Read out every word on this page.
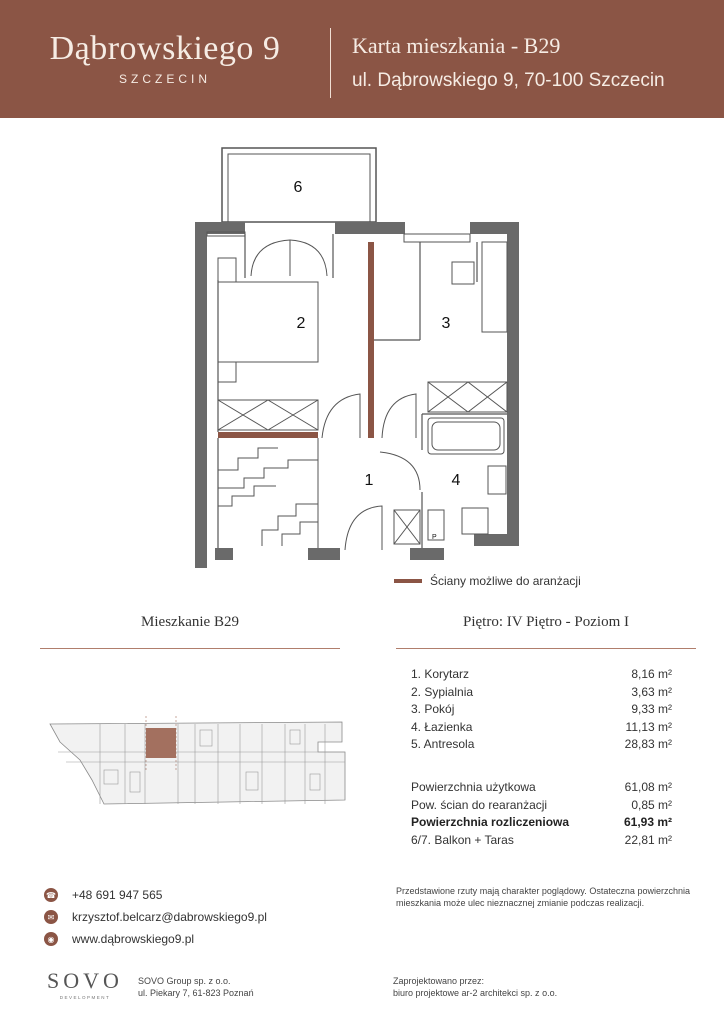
Dąbrowskiego 9
SZCZECIN
Karta mieszkania - B29
ul. Dąbrowskiego 9, 70-100 Szczecin
6
2	3
1	4
P
Ściany możliwe do aranżacji
Mieszkanie B29	Piętro: IV Piętro - Poziom I
1. Korytarz	8,16 m²
2. Sypialnia	3,63 m²
3. Pokój	9,33 m²
4. Łazienka	11,13 m²
5. Antresola	28,83 m²
Powierzchnia użytkowa	61,08 m²
Pow. ścian do rearanżacji	0,85 m²
Powierzchnia rozliczeniowa	61,93 m²
6/7. Balkon + Taras	22,81 m²
☎ +48 691 947 565
✉	krzysztof.belcarz@dabrowskiego9.pl
◉ www.dąbrowskiego9.pl
Przedstawione rzuty mają charakter poglądowy. Ostateczna powierzchnia mieszkania może ulec nieznacznej zmianie podczas realizacji.
SOVO
DEVELOPMENT
SOVO Group sp. z o.o.
ul. Piekary 7, 61-823 Poznań
Zaprojektowano przez:
biuro projektowe ar-2 architekci sp. z o.o.
